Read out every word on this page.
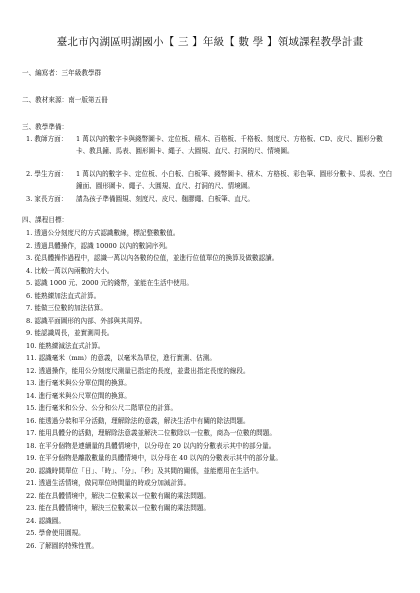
臺北市內湖區明湖國小【 三 】年級【 數 學 】領域課程教學計畫
一、編寫者：三年級教學群
二、教材來源：南一版第五冊
三、教學準備：
1. 教師方面： 1 萬以內的數字卡與錢幣圖卡、定位板、積木、百格板、千格板、刻度尺、方格板、CD、皮尺、圓形分數卡、教具鐘、馬表、圓形圖卡、繩子、大圓規、直尺、打洞的尺、情境圖。
2. 學生方面： 1 萬以內的數字卡、定位板、小白板、白板筆、錢幣圖卡、積木、方格板、彩色筆、圓形分數卡、馬表、空白鐘面、圓形圖卡、繩子、大圓規、直尺、打洞的尺、情境圖。
3. 家長方面： 請為孩子準備圓規、刻度尺、皮尺、翹膠繩、白板筆、直尺。
四、課程目標：
1. 透過公分刻度尺的方式認識數線，標記整數數值。
2. 透過具體操作，認識 10000 以內的數詞序列。
3. 從具體操作過程中，認識一萬以內各數的位值，並進行位值單位的換算及做數認讀。
4. 比較一萬以內兩數的大小。
5. 認識 1000 元、2000 元的錢幣，並能在生活中使用。
6. 能熟練加法直式計算。
7. 能做三位數的加法估算。
8. 認識平面圖形的內部、外部與其周界。
9. 能認識周長，並實測周長。
10. 能熟練減法直式計算。
11. 認識毫米（mm）的意義，以毫米為單位，進行實測、估測。
12. 透過操作，能用公分刻度尺測量已指定的長度，並畫出指定長度的線段。
13. 進行毫米與公分單位間的換算。
14. 進行毫米與公尺單位間的換算。
15. 進行毫米和公分、公分和公尺二階單位的計算。
16. 能透過分裝和平分活動，理解除法的意義，解決生活中有關的除法問題。
17. 能用具體分的活動，理解除法意義並解決二位數除以一位數，商為一位數的問題。
18. 在平分個物是連續量的具體情境中，以分母在 20 以內的分數表示其中的部分量。
19. 在平分個物是離散數量的具體情境中，以分母在 40 以內的分數表示其中的部分量。
20. 認識時間單位「日」、「時」、「分」、「秒」及其間的關係，並能應用在生活中。
21. 透過生活情境，做同單位時間量的時或分加減計算。
22. 能在具體情境中，解決二位數乘以一位數有關的乘法問題。
23. 能在具體情境中，解決三位數乘以一位數有關的乘法問題。
24. 認識圓。
25. 學會使用圓規。
26. 了解圓的特殊性質。
